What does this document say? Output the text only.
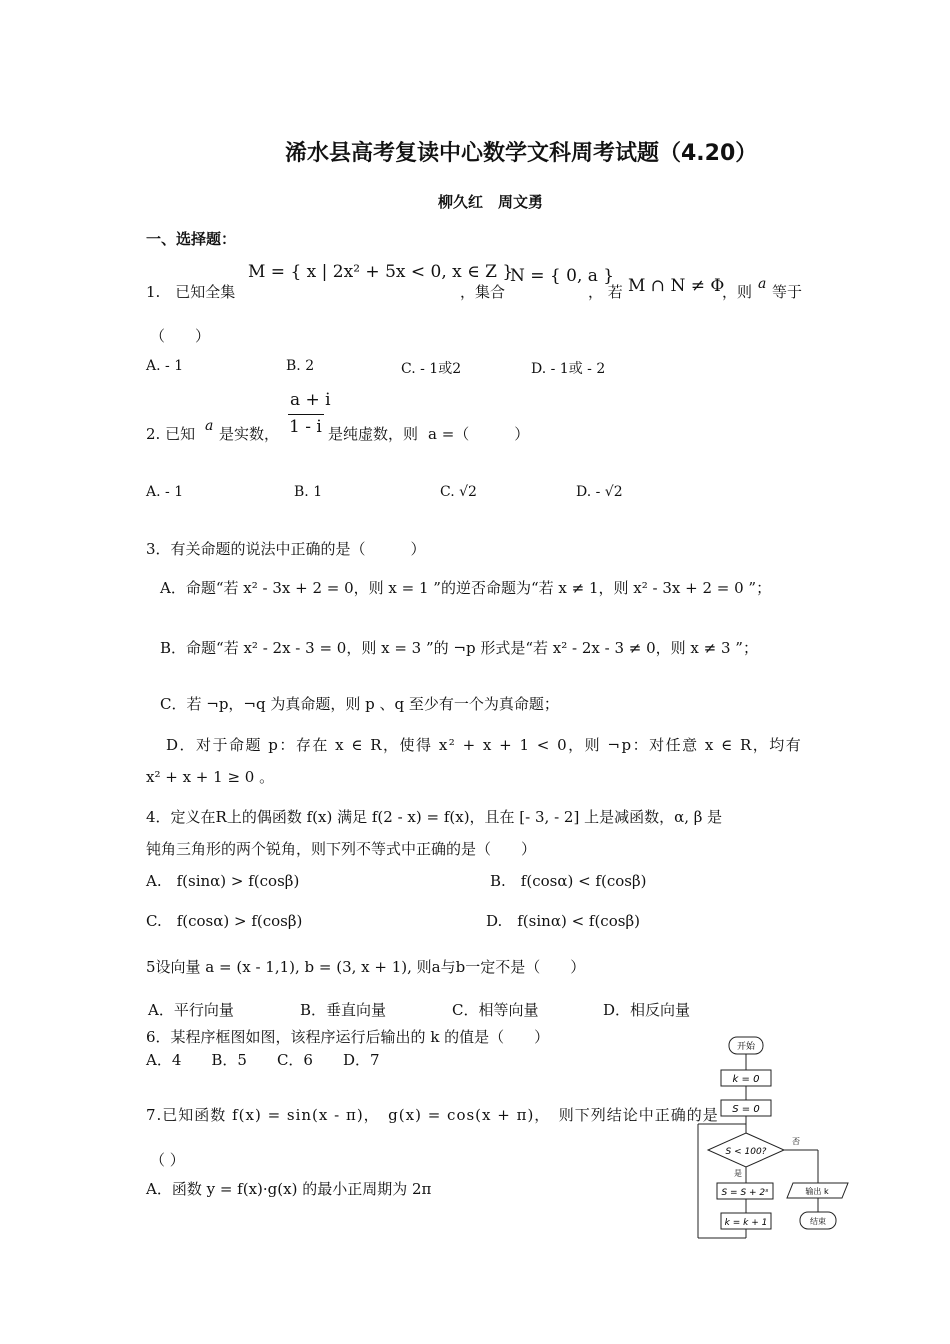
浠水县高考复读中心数学文科周考试题（4.20）
柳久红　周文勇
一、选择题：
1.　已知全集
M = { x | 2x² + 5x < 0, x ∈ Z }
，集合
N = { 0, a }
， 若 M ∩ N ≠ Φ
，则 a 等于
（　　）
A. - 1	B. 2	C. - 1或2	D. - 1或 - 2
2. 已知 a 是实数，
a + i
1 - i 是纯虚数，则 a =（　　　）
A. - 1	B. 1	C. √2	D. - √2
3．有关命题的说法中正确的是（　　　）
A．命题“若 x² - 3x + 2 = 0，则 x = 1 ”的逆否命题为“若 x ≠ 1，则 x² - 3x + 2 = 0 ”；
B．命题“若 x² - 2x - 3 = 0，则 x = 3 ”的 ¬p 形式是“若 x² - 2x - 3 ≠ 0，则 x ≠ 3 ”；
C．若 ¬p，¬q 为真命题，则 p 、q 至少有一个为真命题；
D．对于命题 p：存在 x ∈ R，使得 x² + x + 1 < 0，则 ¬p：对任意 x ∈ R，均有
x² + x + 1 ≥ 0 。
4．定义在R上的偶函数 f(x) 满足 f(2 - x) = f(x)，且在 [- 3, - 2] 上是减函数，α, β 是
钝角三角形的两个锐角，则下列不等式中正确的是（　　）
A.　f(sinα) > f(cosβ)	B.　f(cosα) < f(cosβ)
C.　f(cosα) > f(cosβ)	D.　f(sinα) < f(cosβ)
5设向量 a = (x - 1,1), b = (3, x + 1), 则a与b一定不是（　　）
A．平行向量	B．垂直向量	C．相等向量	D．相反向量
6．某程序框图如图，该程序运行后输出的 k 的值是（　　）
A．4　　B．5　　C．6　　D．7
7.已知函数 f(x) = sin(x - π)，　g(x) = cos(x + π)，　则下列结论中正确的是
（ ）
A．函数 y = f(x)·g(x) 的最小正周期为 2π
开始
k = 0
S = 0
S < 100?
否
是
输出 k
结束
S = S + 2ˢ
k = k + 1
